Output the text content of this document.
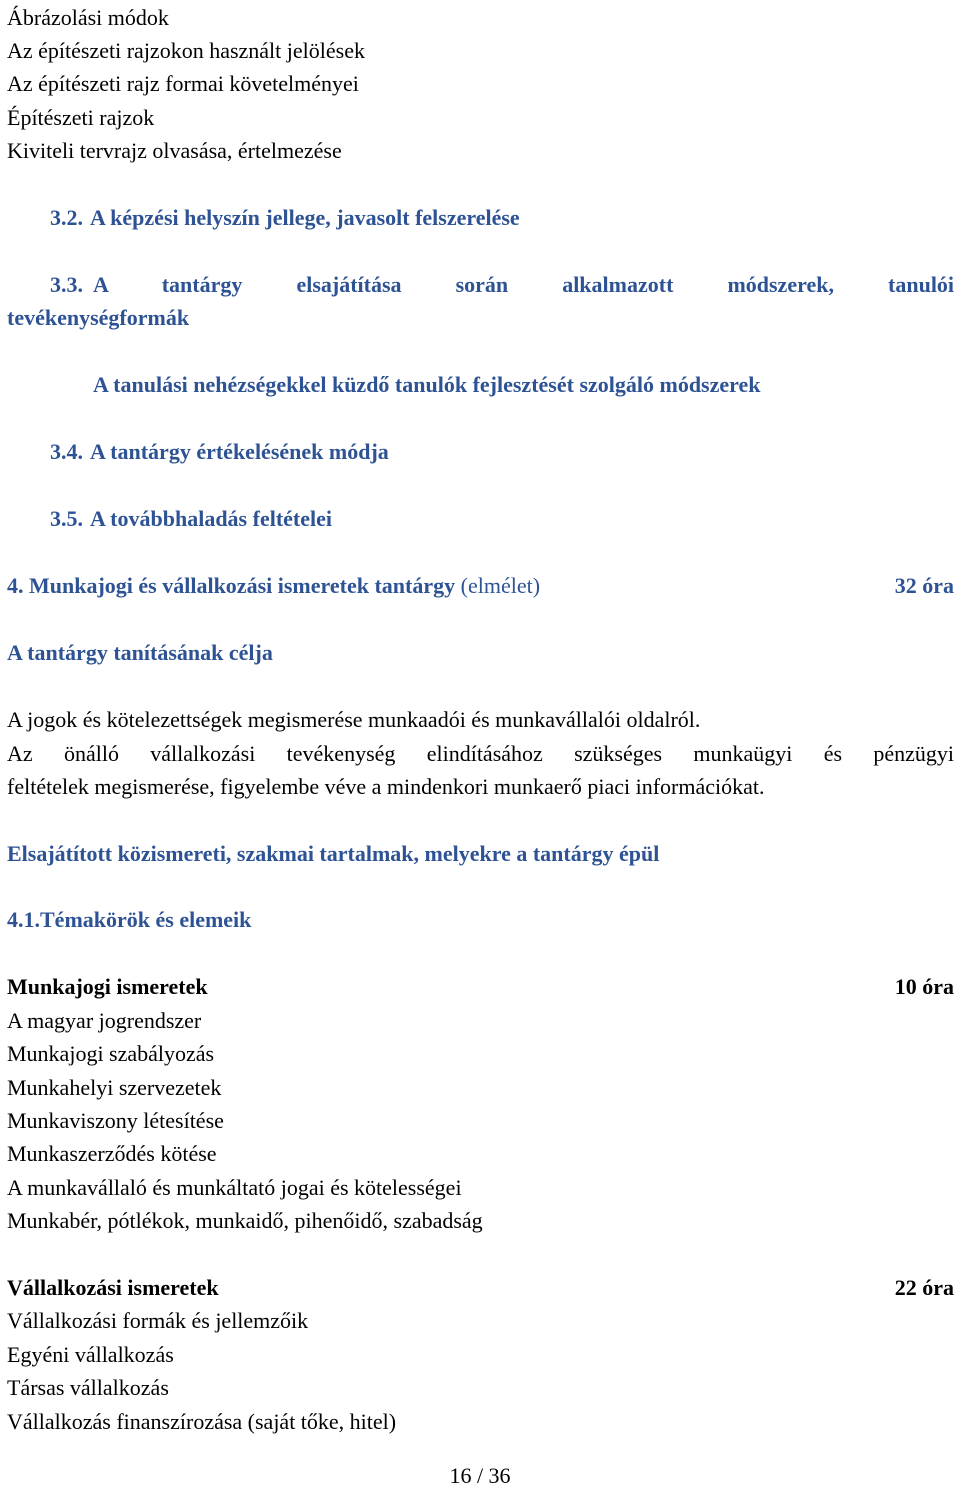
Ábrázolási módok
Az építészeti rajzokon használt jelölések
Az építészeti rajz formai követelményei
Építészeti rajzok
Kiviteli tervrajz olvasása, értelmezése
3.2. A képzési helyszín jellege, javasolt felszerelése
3.3. A tantárgy elsajátítása során alkalmazott módszerek, tanulói
tevékenységformák
A tanulási nehézségekkel küzdő tanulók fejlesztését szolgáló módszerek
3.4. A tantárgy értékelésének módja
3.5. A továbbhaladás feltételei
4. Munkajogi és vállalkozási ismeretek tantárgy (elmélet)	32 óra
A tantárgy tanításának célja
A jogok és kötelezettségek megismerése munkaadói és munkavállalói oldalról.
Az önálló vállalkozási tevékenység elindításához szükséges munkaügyi és pénzügyi
feltételek megismerése, figyelembe véve a mindenkori munkaerő piaci információkat.
Elsajátított közismereti, szakmai tartalmak, melyekre a tantárgy épül
4.1.Témakörök és elemeik
Munkajogi ismeretek	10 óra
A magyar jogrendszer
Munkajogi szabályozás
Munkahelyi szervezetek
Munkaviszony létesítése
Munkaszerződés kötése
A munkavállaló és munkáltató jogai és kötelességei
Munkabér, pótlékok, munkaidő, pihenőidő, szabadság
Vállalkozási ismeretek	22 óra
Vállalkozási formák és jellemzőik
Egyéni vállalkozás
Társas vállalkozás
Vállalkozás finanszírozása (saját tőke, hitel)
16 / 36
